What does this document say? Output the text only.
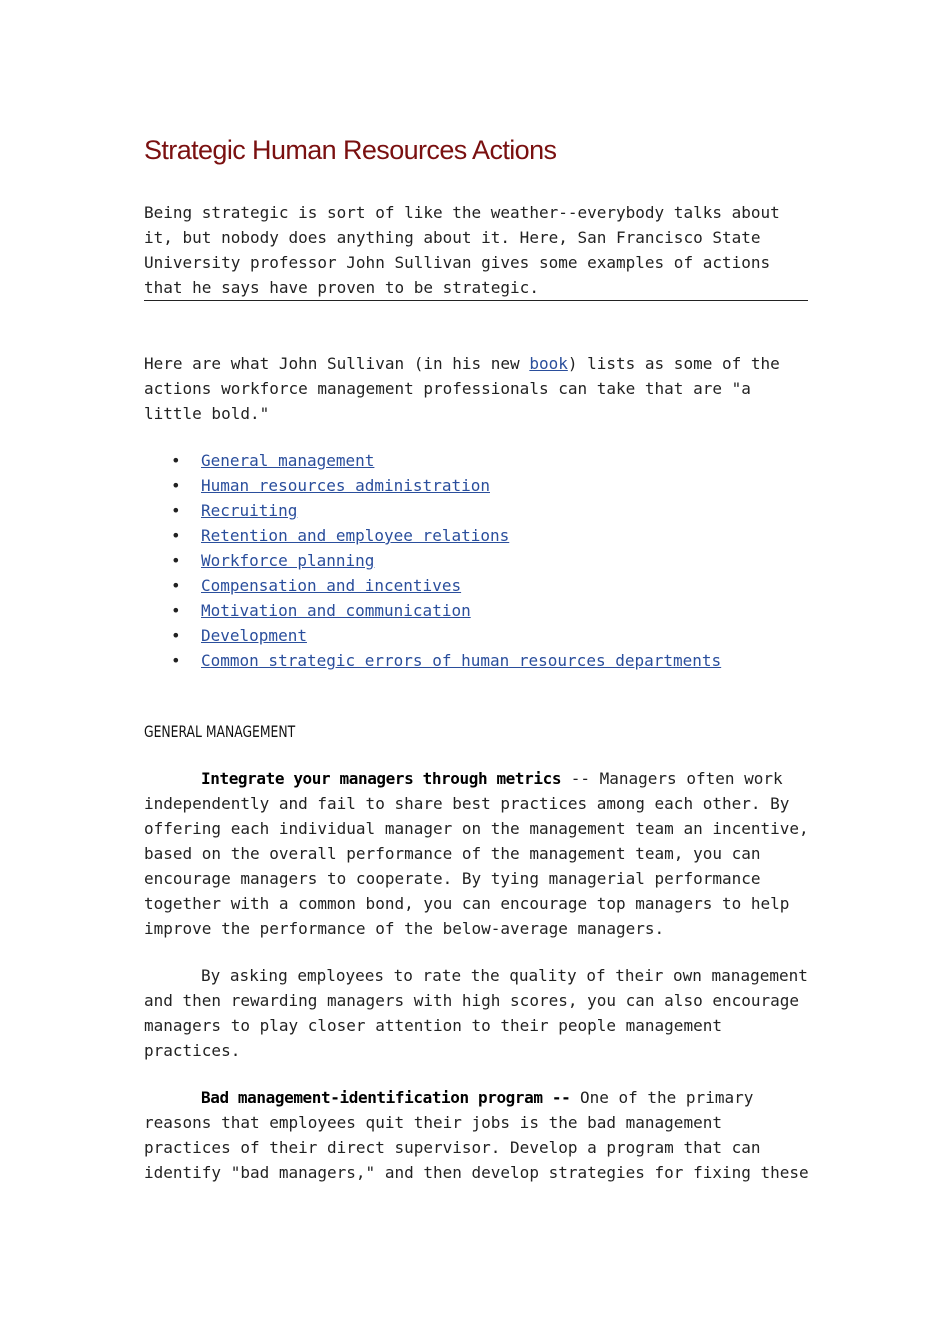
Strategic Human Resources Actions
Being strategic is sort of like the weather--everybody talks about
it, but nobody does anything about it. Here, San Francisco State
University professor John Sullivan gives some examples of actions
that he says have proven to be strategic.
Here are what John Sullivan (in his new book) lists as some of the
actions workforce management professionals can take that are "a
little bold."
• General management
• Human resources administration
• Recruiting
• Retention and employee relations
• Workforce planning
• Compensation and incentives
• Motivation and communication
• Development
• Common strategic errors of human resources departments
GENERAL MANAGEMENT
Integrate your managers through metrics -- Managers often work
independently and fail to share best practices among each other. By
offering each individual manager on the management team an incentive,
based on the overall performance of the management team, you can
encourage managers to cooperate. By tying managerial performance
together with a common bond, you can encourage top managers to help
improve the performance of the below-average managers.
By asking employees to rate the quality of their own management
and then rewarding managers with high scores, you can also encourage
managers to play closer attention to their people management
practices.
Bad management-identification program -- One of the primary
reasons that employees quit their jobs is the bad management
practices of their direct supervisor. Develop a program that can
identify "bad managers," and then develop strategies for fixing these
